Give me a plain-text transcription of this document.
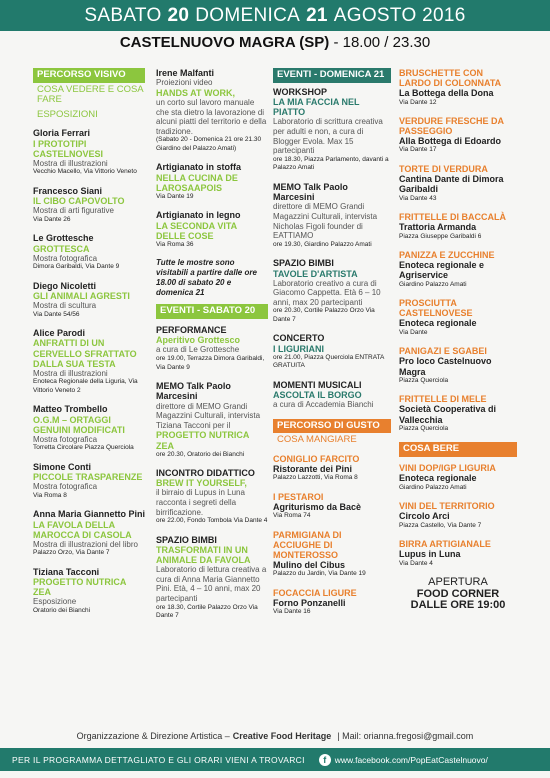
SABATO 20 DOMENICA 21 AGOSTO 2016
CASTELNUOVO MAGRA (SP) - 18.00 / 23.30
PERCORSO VISIVO
COSA VEDERE E COSA FARE
ESPOSIZIONI
Gloria Ferrari
I PROTOTIPI CASTELNOVESI
Mostra di illustrazioni
Vecchio Macello, Via Vittorio Veneto
Francesco Siani
IL CIBO CAPOVOLTO
Mostra di arti figurative
Via Dante 26
Le Grottesche
GROTTESCA
Mostra fotografica
Dimora Garibaldi, Via Dante 9
Diego Nicoletti
GLI ANIMALI AGRESTI
Mostra di scultura
Via Dante 54/56
Alice Parodi
ANFRATTI DI UN CERVELLO SFRATTATO DALLA SUA TESTA
Mostra di illustrazioni
Enoteca Regionale della Liguria, Via Vittorio Veneto 2
Matteo Trombello
O.G.M – ORTAGGI GENUINI MODIFICATI
Mostra fotografica
Torretta Circolare Piazza Querciola
Simone Conti
PICCOLE TRASPARENZE
Mostra fotografica
Via Roma 8
Anna Maria Giannetto Pini
LA FAVOLA DELLA MAROCCA DI CASOLA
Mostra di illustrazioni del libro
Palazzo Orzo, Via Dante 7
Tiziana Tacconi
PROGETTO NUTRICA ZEA
Esposizione
Oratorio dei Bianchi
Irene Malfanti
Proiezioni video
HANDS AT WORK,
un corto sul lavoro manuale che sta dietro la lavorazione di alcuni piatti del territorio e della tradizione.
(Sabato 20 - Domenica 21 ore 21.30 Giardino del Palazzo Amati)
Artigianato in stoffa
NELLA CUCINA DE LAROSAAPOIS
Via Dante 19
Artigianato in legno
LA SECONDA VITA DELLE COSE
Via Roma 36
Tutte le mostre sono visitabili a partire dalle ore 18.00 di sabato 20 e domenica 21
EVENTI - SABATO 20
PERFORMANCE
Aperitivo Grottesco
a cura di Le Grottesche
ore 19.00, Terrazza Dimora Garibaldi, Via Dante 9
MEMO Talk Paolo Marcesini
direttore di MEMO Grandi Magazzini Culturali, intervista Tiziana Tacconi per il
PROGETTO NUTRICA ZEA
ore 20.30, Oratorio dei Bianchi
INCONTRO DIDATTICO
BREW IT YOURSELF,
il birraio di Lupus in Luna racconta i segreti della birrificazione.
ore 22.00, Fondo Tombola Via Dante 4
SPAZIO BIMBI
TRASFORMATI IN UN ANIMALE DA FAVOLA
Laboratorio di lettura creativa a cura di Anna Maria Giannetto Pini. Età, 4 – 10 anni, max 20 partecipanti
ore 18.30, Cortile Palazzo Orzo Via Dante 7
EVENTI - DOMENICA 21
WORKSHOP
LA MIA FACCIA NEL PIATTO
Laboratorio di scrittura creativa per adulti e non, a cura di Blogger Evola. Max 15 partecipanti
ore 18.30, Piazza Parlamento, davanti a Palazzo Amati
MEMO Talk Paolo Marcesini
direttore di MEMO Grandi Magazzini Culturali, intervista Nicholas Figoli founder di EATTIAMO
ore 19.30, Giardino Palazzo Amati
SPAZIO BIMBI
TAVOLE D'ARTISTA
Laboratorio creativo a cura di Giacomo Cappetta. Età 6 – 10 anni, max 20 partecipanti
ore 20.30, Cortile Palazzo Orzo Via Dante 7
CONCERTO
I LIGURIANI
ore 21.00, Piazza Querciola ENTRATA GRATUITA
MOMENTI MUSICALI
ASCOLTA IL BORGO
a cura di Accademia Bianchi
PERCORSO DI GUSTO
COSA MANGIARE
CONIGLIO FARCITO
Ristorante dei Pini
Palazzo Lazzotti, Via Roma 8
I PESTAROI
Agriturismo da Bacè
Via Roma 74
PARMIGIANA DI ACCIUGHE DI MONTEROSSO
Mulino del Cibus
Palazzo du Jardin, Via Dante 19
FOCACCIA LIGURE
Forno Ponzanelli
Via Dante 16
BRUSCHETTE CON LARDO DI COLONNATA
La Bottega della Dona
Via Dante 12
VERDURE FRESCHE DA PASSEGGIO
Alla Bottega di Edoardo
Via Dante 17
TORTE DI VERDURA
Cantina Dante di Dimora Garibaldi
Via Dante 43
FRITTELLE DI BACCALÀ
Trattoria Armanda
Piazza Giuseppe Garibaldi 6
PANIZZA E ZUCCHINE
Enoteca regionale e Agriservice
Giardino Palazzo Amati
PROSCIUTTA CASTELNOVESE
Enoteca regionale
Via Dante
PANIGAZI E SGABEI
Pro loco Castelnuovo Magra
Piazza Querciola
FRITTELLE DI MELE
Società Cooperativa di Vallecchia
Piazza Querciola
COSA BERE
VINI DOP/IGP LIGURIA
Enoteca regionale
Giardino Palazzo Amati
VINI DEL TERRITORIO
Circolo Arci
Piazza Castello, Via Dante 7
BIRRA ARTIGIANALE
Lupus in Luna
Via Dante 4
APERTURA
FOOD CORNER
DALLE ORE 19:00
Organizzazione & Direzione Artistica – Creative Food Heritage | Mail: orianna.fregosi@gmail.com
PER IL PROGRAMMA DETTAGLIATO E GLI ORARI VIENI A TROVARCI	f	www.facebook.com/PopEatCastelnuovo/
